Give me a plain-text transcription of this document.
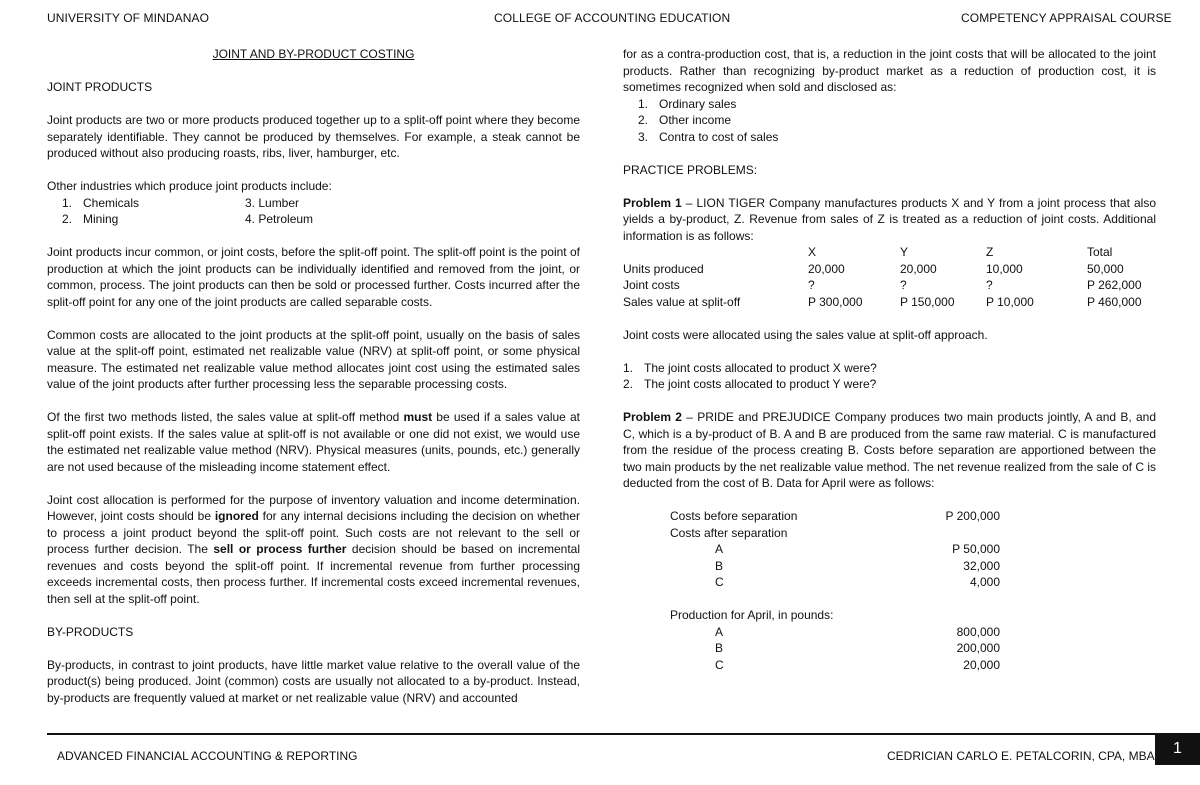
UNIVERSITY OF MINDANAO	COLLEGE OF ACCOUNTING EDUCATION	COMPETENCY APPRAISAL COURSE
JOINT AND BY-PRODUCT COSTING
JOINT PRODUCTS

Joint products are two or more products produced together up to a split-off point where they become separately identifiable. They cannot be produced by themselves. For example, a steak cannot be produced without also producing roasts, ribs, liver, hamburger, etc.

Other industries which produce joint products include:
1. Chemicals	3. Lumber
2. Mining	4. Petroleum

Joint products incur common, or joint costs, before the split-off point. The split-off point is the point of production at which the joint products can be individually identified and removed from the joint, or common, process. The joint products can then be sold or processed further. Costs incurred after the split-off point for any one of the joint products are called separable costs.

Common costs are allocated to the joint products at the split-off point, usually on the basis of sales value at the split-off point, estimated net realizable value (NRV) at split-off point, or some physical measure. The estimated net realizable value method allocates joint cost using the estimated sales value of the joint products after further processing less the separable processing costs.

Of the first two methods listed, the sales value at split-off method must be used if a sales value at split-off point exists. If the sales value at split-off is not available or one did not exist, we would use the estimated net realizable value method (NRV). Physical measures (units, pounds, etc.) generally are not used because of the misleading income statement effect.

Joint cost allocation is performed for the purpose of inventory valuation and income determination. However, joint costs should be ignored for any internal decisions including the decision on whether to process a joint product beyond the split-off point. Such costs are not relevant to the sell or process further decision. The sell or process further decision should be based on incremental revenues and costs beyond the split-off point. If incremental revenue from further processing exceeds incremental costs, then process further. If incremental costs exceed incremental revenues, then sell at the split-off point.

BY-PRODUCTS

By-products, in contrast to joint products, have little market value relative to the overall value of the product(s) being produced. Joint (common) costs are usually not allocated to a by-product. Instead, by-products are frequently valued at market or net realizable value (NRV) and accounted

for as a contra-production cost, that is, a reduction in the joint costs that will be allocated to the joint products. Rather than recognizing by-product market as a reduction of production cost, it is sometimes recognized when sold and disclosed as:

1. Ordinary sales
2. Other income
3. Contra to cost of sales
PRACTICE PROBLEMS:

Problem 1 – LION TIGER Company manufactures products X and Y from a joint process that also yields a by-product, Z. Revenue from sales of Z is treated as a reduction of joint costs. Additional information is as follows:

	X	Y	Z	Total
Units produced	20,000	20,000	10,000	50,000
Joint costs	?	?	?	P 262,000
Sales value at split-off	P 300,000	P 150,000	P 10,000	P 460,000
Joint costs were allocated using the sales value at split-off approach.
1. The joint costs allocated to product X were?
2. The joint costs allocated to product Y were?

Problem 2 – PRIDE and PREJUDICE Company produces two main products jointly, A and B, and C, which is a by-product of B. A and B are produced from the same raw material. C is manufactured from the residue of the process creating B. Costs before separation are apportioned between the two main products by the net realizable value method. The net revenue realized from the sale of C is deducted from the cost of B. Data for April were as follows:

Costs before separation	P 200,000
Costs after separation	
A	P 50,000
B	32,000
C	4,000

Production for April, in pounds:	
A	800,000
B	200,000
C	20,000
ADVANCED FINANCIAL ACCOUNTING & REPORTING	CEDRICIAN CARLO E. PETALCORIN, CPA, MBA	1
